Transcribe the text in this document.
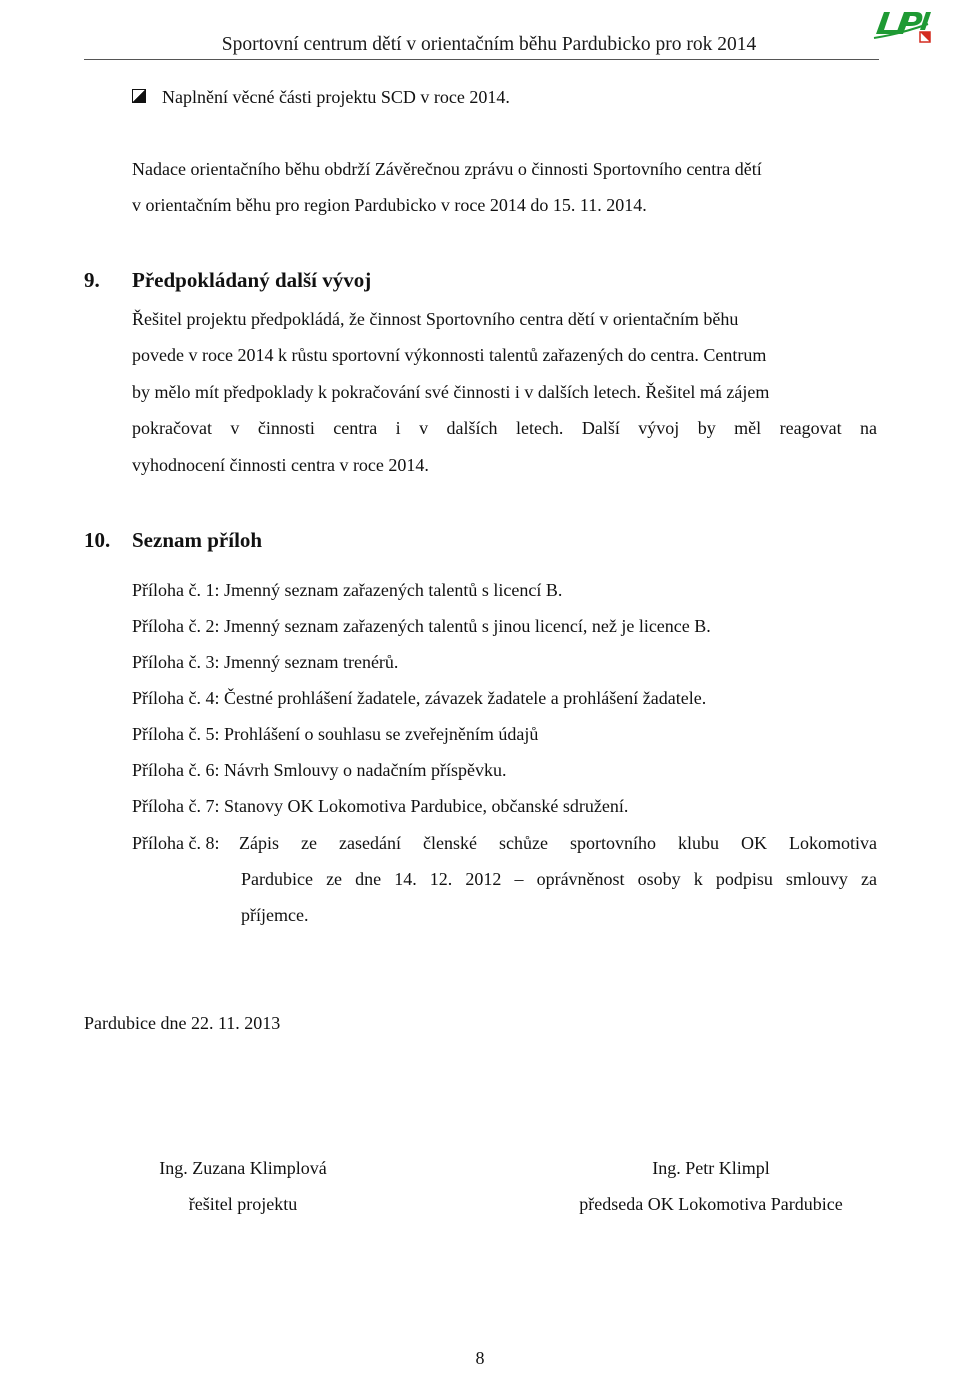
Sportovní centrum dětí v orientačním běhu Pardubicko pro rok 2014
Naplnění věcné části projektu SCD v roce 2014.
Nadace orientačního běhu obdrží Závěrečnou zprávu o činnosti Sportovního centra dětí
v orientačním běhu pro region Pardubicko v roce 2014 do 15. 11. 2014.
9. Předpokládaný další vývoj
Řešitel projektu předpokládá, že činnost Sportovního centra dětí v orientačním běhu
povede v roce 2014 k růstu sportovní výkonnosti talentů zařazených do centra. Centrum
by mělo mít předpoklady k pokračování své činnosti i v dalších letech. Řešitel má zájem
pokračovat v činnosti centra i v dalších letech. Další vývoj by měl reagovat na
vyhodnocení činnosti centra v roce 2014.
10. Seznam příloh
Příloha č. 1: Jmenný seznam zařazených talentů s licencí B.
Příloha č. 2: Jmenný seznam zařazených talentů s jinou licencí, než je licence B.
Příloha č. 3: Jmenný seznam trenérů.
Příloha č. 4: Čestné prohlášení žadatele, závazek žadatele a prohlášení žadatele.
Příloha č. 5: Prohlášení o souhlasu se zveřejněním údajů
Příloha č. 6: Návrh Smlouvy o nadačním příspěvku.
Příloha č. 7: Stanovy OK Lokomotiva Pardubice, občanské sdružení.
Příloha č. 8: Zápis ze zasedání členské schůze sportovního klubu OK Lokomotiva
Pardubice ze dne 14. 12. 2012 – oprávněnost osoby k podpisu smlouvy za
příjemce.
Pardubice dne 22. 11. 2013
Ing. Zuzana Klimplová
řešitel projektu
Ing. Petr Klimpl
předseda OK Lokomotiva Pardubice
8
